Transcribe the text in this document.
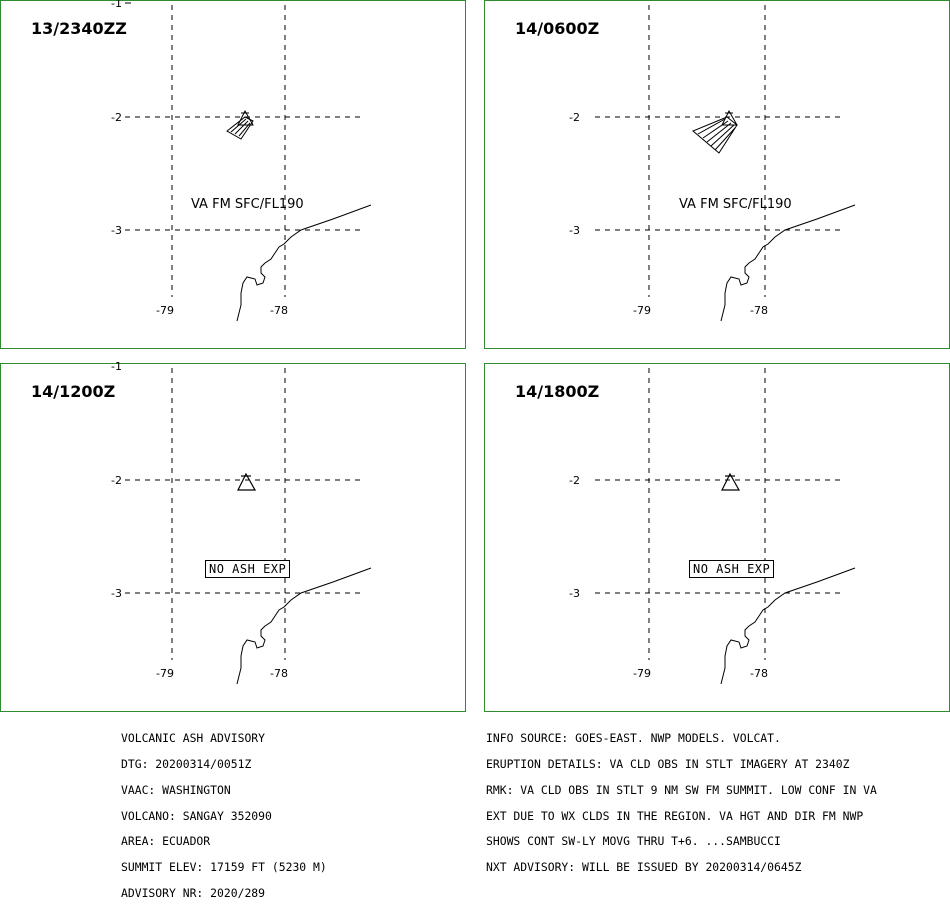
13/2340ZZ
-1
-2
-3
-79	-78
VA FM SFC/FL190
14/0600Z
-2
-3
-79	-78
VA FM SFC/FL190
14/1200Z
-1
-2
-3
-79	-78
NO ASH EXP
14/1800Z
-2
-3
-79	-78
NO ASH EXP

VOLCANIC ASH ADVISORY

DTG: 20200314/0051Z

VAAC: WASHINGTON

VOLCANO: SANGAY 352090

AREA: ECUADOR

SUMMIT ELEV: 17159 FT (5230 M)

ADVISORY NR: 2020/289

INFO SOURCE: GOES-EAST. NWP MODELS. VOLCAT.

ERUPTION DETAILS: VA CLD OBS IN STLT IMAGERY AT 2340Z

RMK: VA CLD OBS IN STLT 9 NM SW FM SUMMIT. LOW CONF IN VA

EXT DUE TO WX CLDS IN THE REGION. VA HGT AND DIR FM NWP

SHOWS CONT SW-LY MOVG THRU T+6. ...SAMBUCCI

NXT ADVISORY: WILL BE ISSUED BY 20200314/0645Z
